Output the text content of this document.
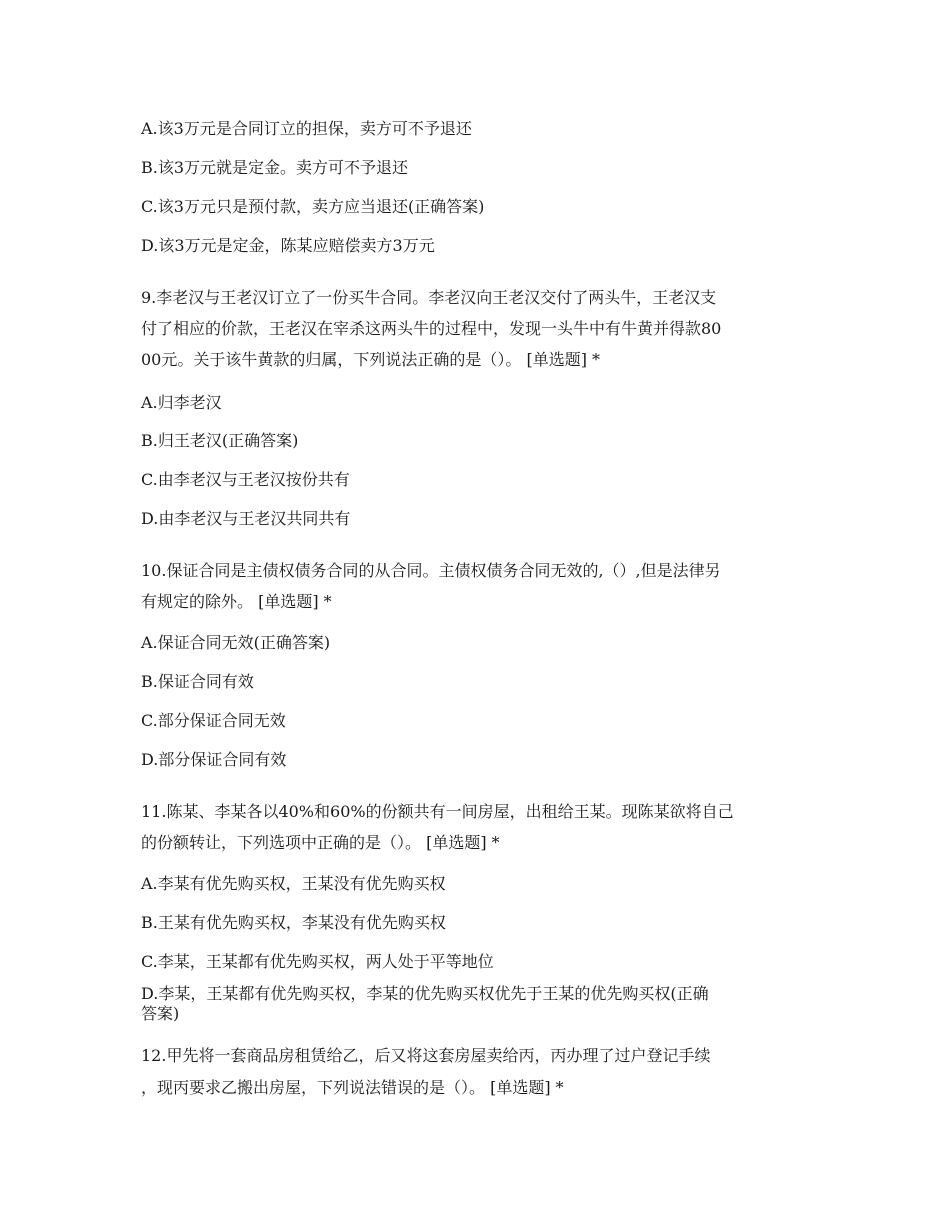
A.该3万元是合同订立的担保，卖方可不予退还
B.该3万元就是定金。卖方可不予退还
C.该3万元只是预付款，卖方应当退还(正确答案)
D.该3万元是定金，陈某应赔偿卖方3万元
9.李老汉与王老汉订立了一份买牛合同。李老汉向王老汉交付了两头牛，王老汉支
付了相应的价款，王老汉在宰杀这两头牛的过程中，发现一头牛中有牛黄并得款80
00元。关于该牛黄款的归属，下列说法正确的是（）。 [单选题] *
A.归李老汉
B.归王老汉(正确答案)
C.由李老汉与王老汉按份共有
D.由李老汉与王老汉共同共有
10.保证合同是主债权债务合同的从合同。主债权债务合同无效的,（）,但是法律另
有规定的除外。 [单选题] *
A.保证合同无效(正确答案)
B.保证合同有效
C.部分保证合同无效
D.部分保证合同有效
11.陈某、李某各以40%和60%的份额共有一间房屋，出租给王某。现陈某欲将自己
的份额转让，下列选项中正确的是（）。 [单选题] *
A.李某有优先购买权，王某没有优先购买权
B.王某有优先购买权，李某没有优先购买权
C.李某，王某都有优先购买权，两人处于平等地位
D.李某，王某都有优先购买权，李某的优先购买权优先于王某的优先购买权(正确
答案)
12.甲先将一套商品房租赁给乙，后又将这套房屋卖给丙，丙办理了过户登记手续
，现丙要求乙搬出房屋，下列说法错误的是（）。 [单选题] *
